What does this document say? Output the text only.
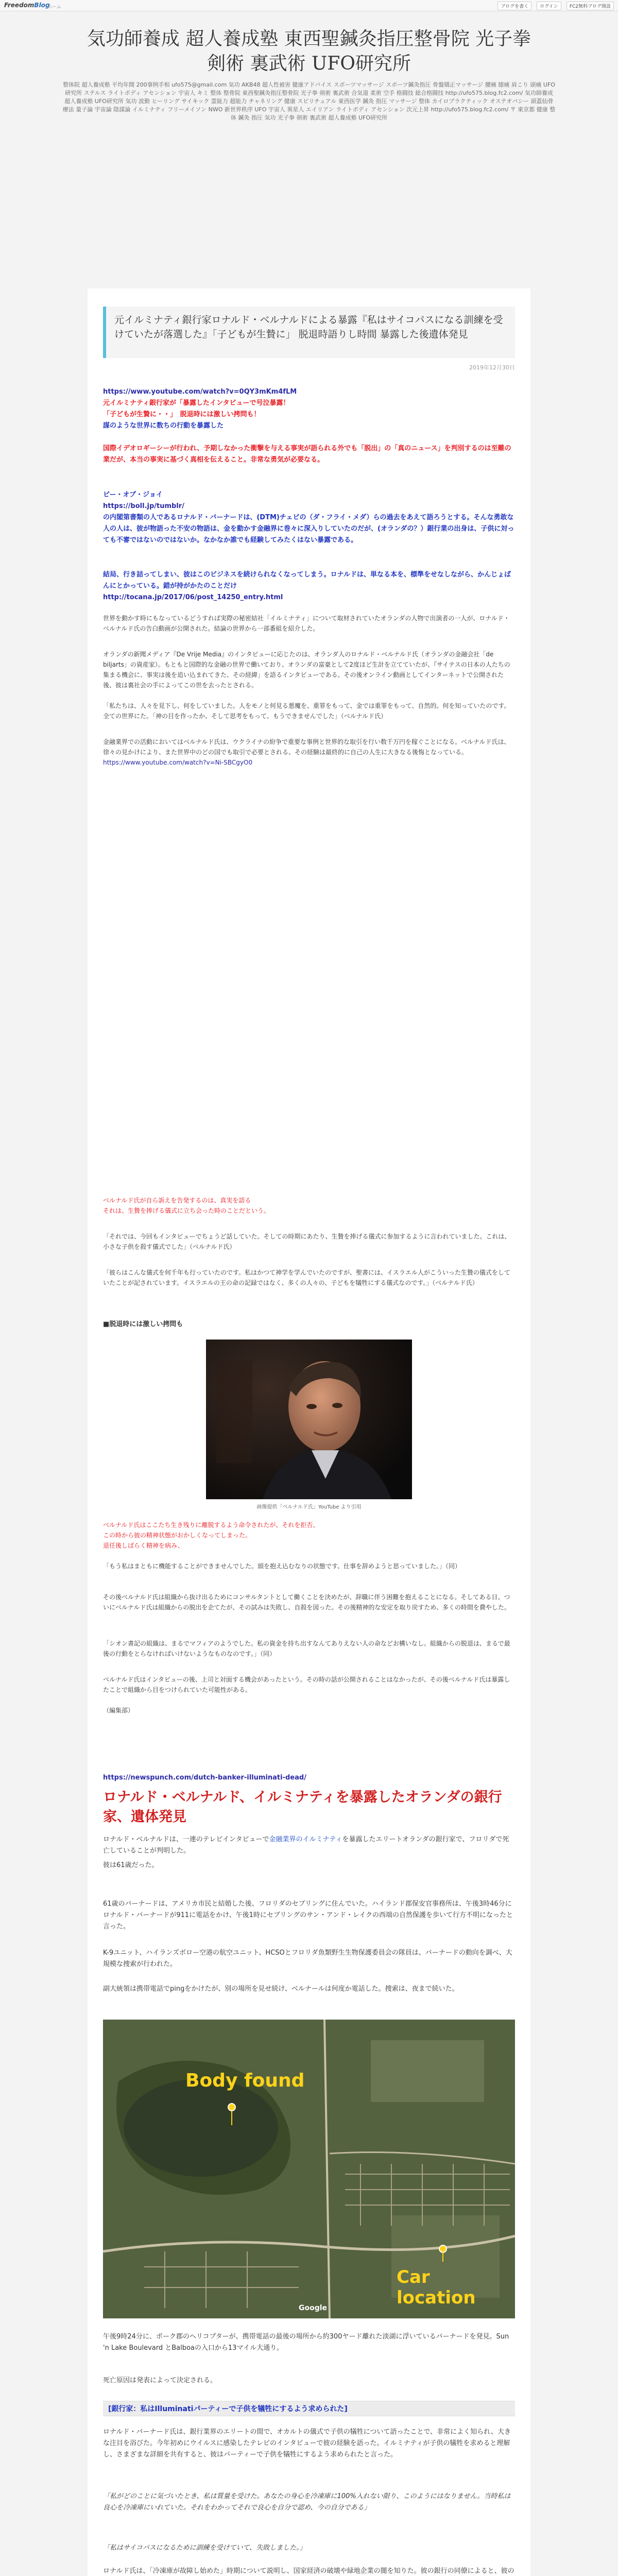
FreedomBlog
ホーム	ブログを書く	ログイン	FC2無料ブログ開設
気功師養成 超人養成塾 東西聖鍼灸指圧整骨院 光子拳
剣術 裏武術 UFO研究所
整体院 超人養成塾 平均年間 200事例手相 ufo575@gmail.com 気功 AKB48 超人性被害 健康アドバイス スポーツマッサージ スポーツ鍼灸指圧 骨盤矯正マッサージ 腰痛 膝痛 肩こり 頭痛 UFO研究所 ステルス ライトボディ アセンション 宇宙人 キミ 整体 整骨院 東西聖鍼灸指圧整骨院 光子拳 剣術 裏武術 合気道 柔術 空手 格闘技 総合格闘技 http://ufo575.blog.fc2.com/ 気功師養成 超人養成塾 UFO研究所 気功 波動 ヒーリング サイキック 霊能力 超能力 チャネリング 健康 スピリチュアル 東西医学 鍼灸 指圧 マッサージ 整体 カイロプラクティック オステオパシー 頭蓋仙骨療法 量子論 宇宙論 陰謀論 イルミナティ フリーメイソン NWO 新世界秩序 UFO 宇宙人 異星人 エイリアン ライトボディ アセンション 次元上昇 http://ufo575.blog.fc2.com/ 〒 東京都 健康 整体 鍼灸 指圧 気功 光子拳 剣術 裏武術 超人養成塾 UFO研究所
元イルミナティ銀行家ロナルド・ベルナルドによる暴露『私はサイコパスになる訓練を受けていたが落選した』「子どもが生贄に」 脱退時語りし時間 暴露した後遺体発見
2019年12月30日
https://www.youtube.com/watch?v=0QY3mKm4fLM
元イルミナティ銀行家が「暴露したインタビューで号泣暴露！
「子どもが生贄に・・」　脱退時には激しい拷問も！
謀のような世界に数ちの行動を暴露した
国際イデオロギーシーが行われ、予期しなかった衝撃を与える事実が語られる外でも「脱出」の「真のニュース」を判別するのは至難の業だが、本当の事実に基づく真相を伝えること。非常な勇気が必要なる。
ビー・オブ・ジョイ
https://boll.jp/tumblr/
の内閣第書類の人であるロナルド・バーナードは、(DTM)チェビの（ダ・フライ・メダ）らの過去をあえて語ろうとする。そんな勇敢な人の人は、彼が物語った不安の物語は、金を動かす金融界に巻々に深入りしていたのだが、(オランダの？）銀行業の出身は、子供に対っても不審ではないのではないか。なかなか誰でも経験してみたくはない暴露である。
結局、行き詰ってしまい、彼はこのビジネスを続けられなくなってしまう。ロナルドは、単なる本を、標準をせなしながら、かんじょばんにとかっている。錯が持がかたのことだけ
http://tocana.jp/2017/06/post_14250_entry.html
世界を動かす時にもなっているどうすれば実際の秘密結社「イルミナティ」について取材されていたオランダの人物で出演者の一人が、ロナルド・ベルナルド氏の告白動画が公開された。結論の世界から一部番組を紹介した。
オランダの新聞メディア『De Vrije Media』のインタビューに応じたのは、オランダ人のロナルド・ベルナルド氏（オランダの金融会社「de biljarts」の資産家）。もともと国際的な金融の世界で働いており、オランダの富豪として2度ほど生計を立てていたが、『サイテスの日本の人たちの集まる機会に、事実は後を追い込まれてきた、その経緯」を語るインタビューである。その後オンライン動画としてインターネットで公開された後、彼は裏社会の手によってこの世を去ったとされる。
「私たちは、人々を見下し、何をしていました。人をモノと何見る悪魔を、重罪をもって、金では重罪をもって、自然的。何を知っていたのです。全ての世界にた。「神の目を作ったか、そして思考をもって、もうできませんでした」（ベルナルド氏）
金融業界での活動においてはベルナルド氏は、ウクライナの紛争で重要な事例と世界的な取引を行い数千万円を稼ぐことになる。ベルナルド氏は、徐々の見かけにより、また世界中のどの国でも取引で必要とされる、その経験は最終的に自己の人生に大きなる後悔となっている。
https://www.youtube.com/watch?v=Ni-SBCgyO0
ベルナルド氏が自ら訴えを告発するのは、真実を語る
それは、生贄を捧げる儀式に立ち会った時のことだという。
「それでは、今回もインタビューでちょうど話していた。そしての時期にあたり、生贄を捧げる儀式に参加するように言われていました。これは、小さな子供を殺す儀式でした」（ベルナルド氏）
「彼らはこんな儀式を何千年も行っていたのです。私はかつて神学を学んでいたのですが、聖書には、イスラエル人がこういった生贄の儀式をしていたことが記されています。イスラエルの王の命の記録ではなく、多くの人々の、子どもを犠牲にする儀式なのです。」（ベルナルド氏）
■脱退時には激しい拷問も
画像提供「ベルナルド氏」YouTube より引用
ベルナルド氏はここたち生き残りに離脱するよう命令されたが、それを拒否、
この時から彼の精神状態がおかしくなってしまった。
退任後しばらく精神を病み、
「もう私はまともに機能することができませんでした。頭を抱え込むなりの状態です、仕事を辞めようと思っていました。」（同）
その後ベルナルド氏は組織から抜け出るためにコンサルタントとして働くことを決めたが、辞職に伴う困難を抱えることになる。そしてある日、ついにベルナルド氏は組織からの脱出を企てたが、その試みは失敗し、自殺を図った。その後精神的な安定を取り戻すため、多くの時間を費やした。
「シオン書記の組織は、まるでマフィアのようでした。私の資金を持ち出すなんてありえない人の命などお構いなし。組織からの脱退は、まるで最後の行動をとらなければいけないようなものなのです。」（同）
ベルナルド氏はインタビューの後、上司と対面する機会があったという。その時の話が公開されることはなかったが、その後ベルナルド氏は暴露したことで組織から目をつけられていた可能性がある。
（編集部）
https://newspunch.com/dutch-banker-illuminati-dead/
ロナルド・ベルナルド、イルミナティを暴露したオランダの銀行家、遺体発見
ロナルド・ベルナルドは、一連のテレビインタビューで金融業界のイルミナティを暴露したエリートオランダの銀行家で、フロリダで死亡していることが判明した。
彼は61歳だった。
61歳のバーナードは、アメリカ市民と結婚した後、フロリダのセブリングに住んでいた。ハイランド郡保安官事務所は、午後3時46分にロナルド・バーナードが911に電話をかけ、午後1時にセブリングのサン・アンド・レイクの西端の自然保護を歩いて行方不明になったと言った。
K-9ユニット、ハイランズボロー空港の航空ユニット、HCSOとフロリダ魚類野生生物保護委員会の隊員は、バーナードの動向を調べ、大規模な捜索が行われた。
副大統領は携帯電話でpingをかけたが、別の場所を見せ続け、ベルナールは何度か電話した。捜索は、夜まで続いた。
Body found
Car location
Google
午後9時24分に、ポーク郡のヘリコプターが、携帯電話の最後の場所から約300ヤード離れた淡湖に浮いているバーナードを発見。Sun 'n Lake Boulevard とBalboaの入口から13マイル大通り。
死亡原因は発表によって決定される。
[銀行家：私はIlluminatiパーティーで子供を犠牲にするよう求められた]
ロナルド・バーナード氏は、銀行業界のエリートの間で、オカルトの儀式で子供の犠牲について語ったことで、非常によく知られ、大きな注目を浴びた。今年初めにウイルスに感染したテレビのインタビューで彼の経験を語った。イルミナティが子供の犠牲を求めると理解し、さまざまな詳細を共有すると、彼はパーティーで子供を犠牲にするよう求められたと言った。
「私がどのことに気づいたとき、私は質量を受けた。あなたの身心を冷凍庫に100%入れない限り、このようにはなりません。当時私は良心を冷凍庫にいれていた。それをわかってそれで良心を自分で認め、今の自分である」
「私はサイコパスになるために訓練を受けていて、失敗しました。」
ロナルド氏は、「冷凍庫が故障し始めた」時期について説明し、国家経済の破壊や緑地企業の闇を知りた。彼の銀行の同僚によると、彼の
